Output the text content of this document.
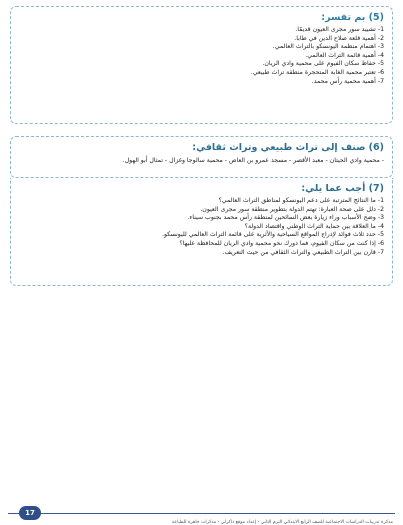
(5) بم تفسر:
1- تشييد سور مجرى العيون قديمًا.
2- أهمية قلعة صلاح الدين في طابا.
3- اهتمام منظمة اليونسكو بالتراث العالمي.
4- أهمية قائمة التراث العالمي.
5- حفاظ سكان الفيوم على محمية وادي الريان.
6- تعتبر محمية الغابة المتحجرة منطقة تراث طبيعي.
7- أهمية محمية رأس محمد.
(6) صنف إلى تراث طبيعي وتراث ثقافي:
- محمية وادي الحيتان - معبد الأقصر - مسجد عمرو بن العاص - محمية سالوجا وغزال - تمثال أبو الهول.
(7) أجب عما يلي:
1- ما النتائج المترتبة على دعم اليونسكو لمناطق التراث العالمي؟
2- دلل على صحة العبارة: تهتم الدولة بتطوير منطقة سور مجرى العيون.
3- وضح الأسباب وراء زيارة بعض السائحين لمنطقة رأس محمد بجنوب سيناء.
4- ما العلاقة بين حماية التراث الوطني واقتصاد الدولة؟
5- حدد ثلاث فوائد لإدراج المواقع السياحية والأثرية على قائمة التراث العالمي لليونسكو.
6- إذا كنت من سكان الفيوم، فما دورك نحو محمية وادي الريان للمحافظة عليها؟
7- قارن بين التراث الطبيعي والتراث الثقافي من حيث التعريف.
17
مذكرة تدريبات الدراسات الاجتماعية للصف الرابع الابتدائي الترم الثاني - إعداد موقع ذاكرلي - مذكرات جاهزة للطباعة
